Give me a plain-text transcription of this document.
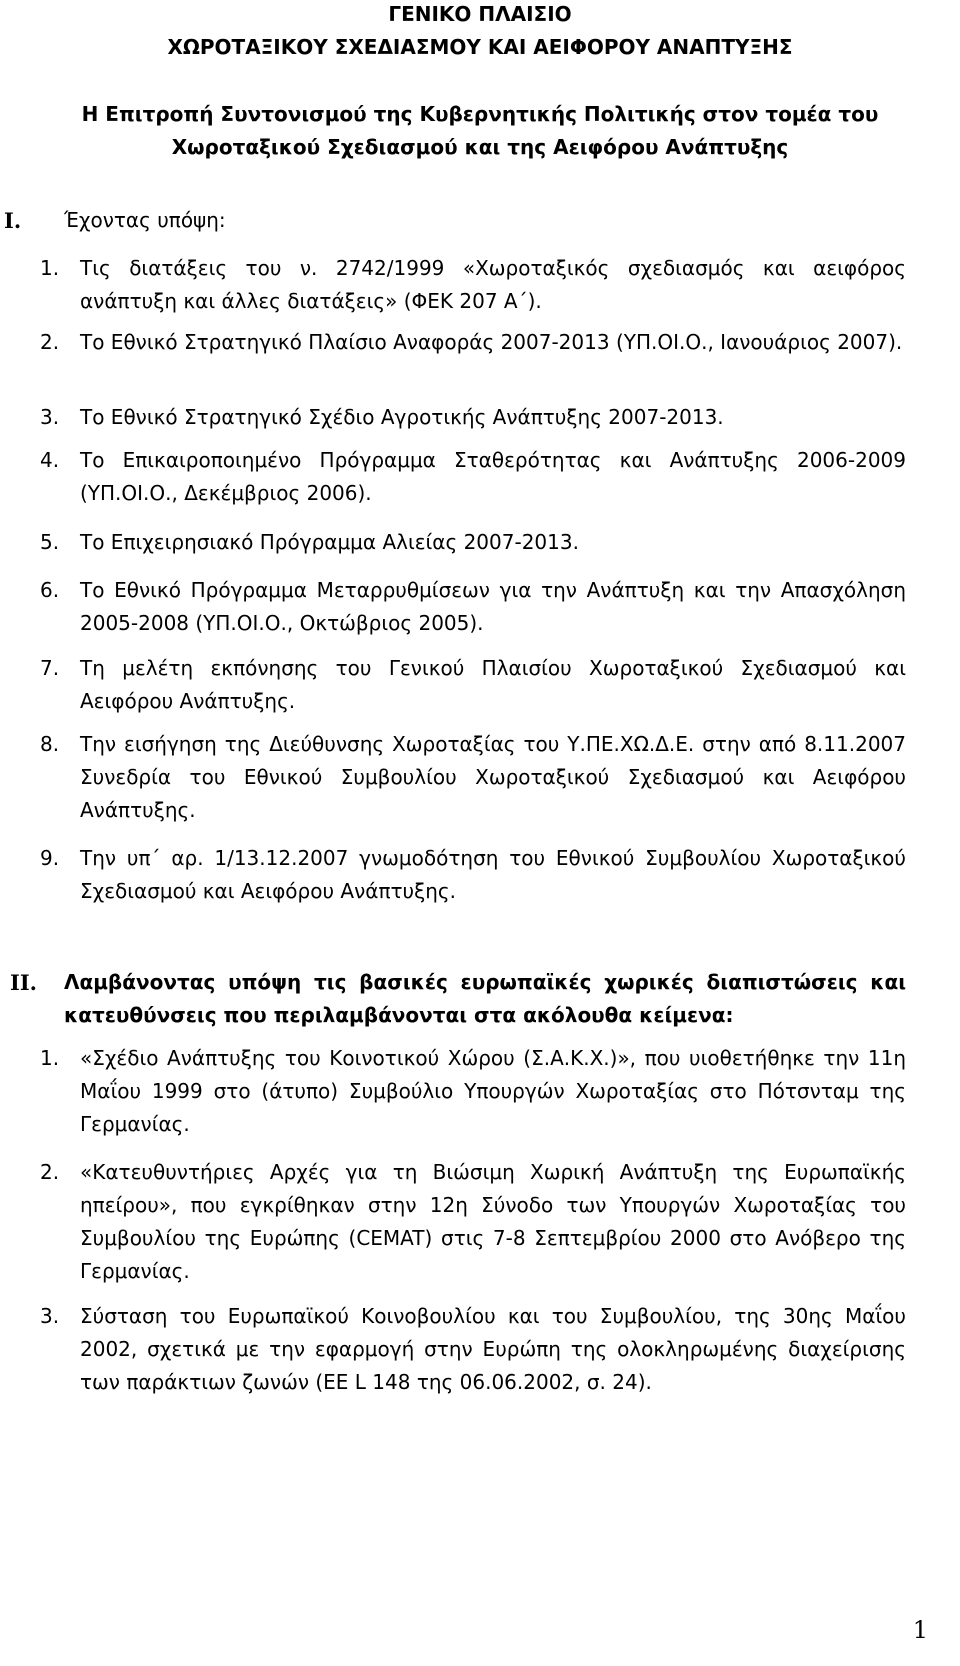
ΓΕΝΙΚΟ ΠΛΑΙΣΙΟ
ΧΩΡΟΤΑΞΙΚΟΥ ΣΧΕΔΙΑΣΜΟΥ ΚΑΙ ΑΕΙΦΟΡΟΥ ΑΝΑΠΤΥΞΗΣ
Η Επιτροπή Συντονισμού της Κυβερνητικής Πολιτικής στον τομέα του
Χωροταξικού Σχεδιασμού και της Αειφόρου Ανάπτυξης
I. Έχοντας υπόψη:
1. Τις διατάξεις του ν. 2742/1999 «Χωροταξικός σχεδιασμός και αειφόρος ανάπτυξη και άλλες διατάξεις» (ΦΕΚ 207 Α΄).
2. Το Εθνικό Στρατηγικό Πλαίσιο Αναφοράς 2007-2013 (ΥΠ.ΟΙ.Ο., Ιανουάριος 2007).
3. Το Εθνικό Στρατηγικό Σχέδιο Αγροτικής Ανάπτυξης 2007-2013.
4. Το Επικαιροποιημένο Πρόγραμμα Σταθερότητας και Ανάπτυξης 2006-2009 (ΥΠ.ΟΙ.Ο., Δεκέμβριος 2006).
5. Το Επιχειρησιακό Πρόγραμμα Αλιείας 2007-2013.
6. Το Εθνικό Πρόγραμμα Μεταρρυθμίσεων για την Ανάπτυξη και την Απασχόληση 2005-2008 (ΥΠ.ΟΙ.Ο., Οκτώβριος 2005).
7. Τη μελέτη εκπόνησης του Γενικού Πλαισίου Χωροταξικού Σχεδιασμού και Αειφόρου Ανάπτυξης.
8. Την εισήγηση της Διεύθυνσης Χωροταξίας του Υ.ΠΕ.ΧΩ.Δ.Ε. στην από 8.11.2007 Συνεδρία του Εθνικού Συμβουλίου Χωροταξικού Σχεδιασμού και Αειφόρου Ανάπτυξης.
9. Την υπ΄ αρ. 1/13.12.2007 γνωμοδότηση του Εθνικού Συμβουλίου Χωροταξικού Σχεδιασμού και Αειφόρου Ανάπτυξης.
II. Λαμβάνοντας υπόψη τις βασικές ευρωπαϊκές χωρικές διαπιστώσεις και κατευθύνσεις που περιλαμβάνονται στα ακόλουθα κείμενα:
1. «Σχέδιο Ανάπτυξης του Κοινοτικού Χώρου (Σ.Α.Κ.Χ.)», που υιοθετήθηκε την 11η Μαΐου 1999 στο (άτυπο) Συμβούλιο Υπουργών Χωροταξίας στο Πότσνταμ της Γερμανίας.
2. «Κατευθυντήριες Αρχές για τη Βιώσιμη Χωρική Ανάπτυξη της Ευρωπαϊκής ηπείρου», που εγκρίθηκαν στην 12η Σύνοδο των Υπουργών Χωροταξίας του Συμβουλίου της Ευρώπης (CEMAT) στις 7-8 Σεπτεμβρίου 2000 στο Ανόβερο της Γερμανίας.
3. Σύσταση του Ευρωπαϊκού Κοινοβουλίου και του Συμβουλίου, της 30ης Μαΐου 2002, σχετικά με την εφαρμογή στην Ευρώπη της ολοκληρωμένης διαχείρισης των παράκτιων ζωνών (ΕΕ L 148 της 06.06.2002, σ. 24).
1
